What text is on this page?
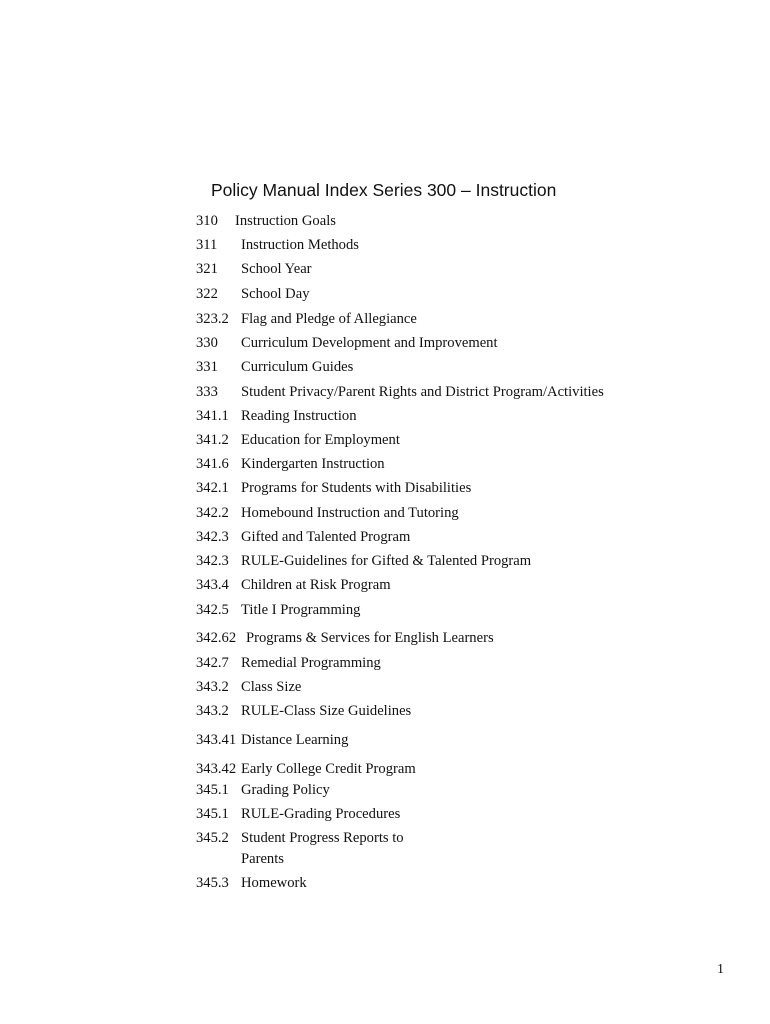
Policy Manual Index Series 300 – Instruction
310 Instruction Goals
311 Instruction Methods
321 School Year
322 School Day
323.2 Flag and Pledge of Allegiance
330 Curriculum Development and Improvement
331 Curriculum Guides
333 Student Privacy/Parent Rights and District Program/Activities
341.1 Reading Instruction
341.2 Education for Employment
341.6 Kindergarten Instruction
342.1 Programs for Students with Disabilities
342.2 Homebound Instruction and Tutoring
342.3 Gifted and Talented Program
342.3 RULE-Guidelines for Gifted & Talented Program
343.4 Children at Risk Program
342.5 Title I Programming
342.62 Programs & Services for English Learners
342.7 Remedial Programming
343.2 Class Size
343.2 RULE-Class Size Guidelines
343.41 Distance Learning
343.42 Early College Credit Program
345.1 Grading Policy
345.1 RULE-Grading Procedures
345.2 Student Progress Reports to
Parents
345.3 Homework
1
